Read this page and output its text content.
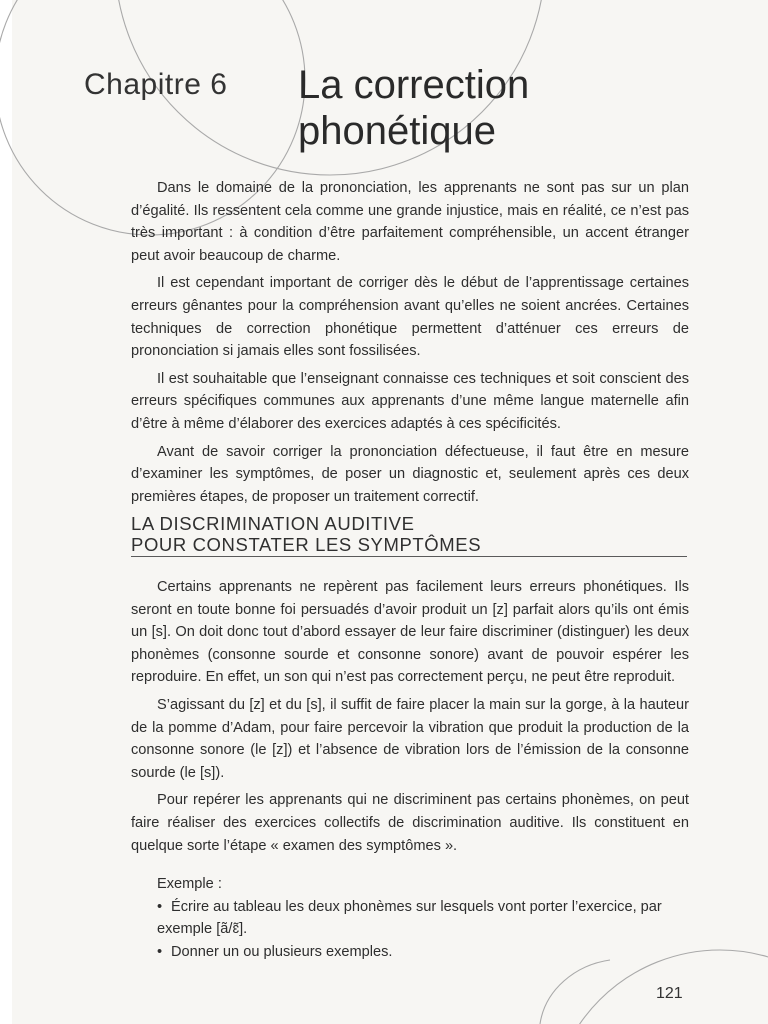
Chapitre 6 La correction
phonétique

Dans le domaine de la prononciation, les apprenants ne sont pas sur un plan d’égalité. Ils ressentent cela comme une grande injustice, mais en réalité, ce n’est pas très important : à condition d’être parfaitement compréhensible, un accent étranger peut avoir beaucoup de charme.

Il est cependant important de corriger dès le début de l’apprentissage certaines erreurs gênantes pour la compréhension avant qu’elles ne soient ancrées. Certaines techniques de correction phonétique permettent d’atténuer ces erreurs de prononciation si jamais elles sont fossilisées.

Il est souhaitable que l’enseignant connaisse ces techniques et soit conscient des erreurs spécifiques communes aux apprenants d’une même langue maternelle afin d’être à même d’élaborer des exercices adaptés à ces spécificités.

Avant de savoir corriger la prononciation défectueuse, il faut être en mesure d’examiner les symptômes, de poser un diagnostic et, seulement après ces deux premières étapes, de proposer un traitement correctif.

LA DISCRIMINATION AUDITIVE
POUR CONSTATER LES SYMPTÔMES

Certains apprenants ne repèrent pas facilement leurs erreurs phonétiques. Ils seront en toute bonne foi persuadés d’avoir produit un [z] parfait alors qu’ils ont émis un [s]. On doit donc tout d’abord essayer de leur faire discriminer (distinguer) les deux phonèmes (consonne sourde et consonne sonore) avant de pouvoir espérer les reproduire. En effet, un son qui n’est pas correctement perçu, ne peut être reproduit.

S’agissant du [z] et du [s], il suffit de faire placer la main sur la gorge, à la hauteur de la pomme d’Adam, pour faire percevoir la vibration que produit la production de la consonne sonore (le [z]) et l’absence de vibration lors de l’émission de la consonne sourde (le [s]).

Pour repérer les apprenants qui ne discriminent pas certains phonèmes, on peut faire réaliser des exercices collectifs de discrimination auditive. Ils constituent en quelque sorte l’étape « examen des symptômes ».

Exemple :
• Écrire au tableau les deux phonèmes sur lesquels vont porter l’exercice, par exemple [ã/ɛ̃].
• Donner un ou plusieurs exemples.
121
